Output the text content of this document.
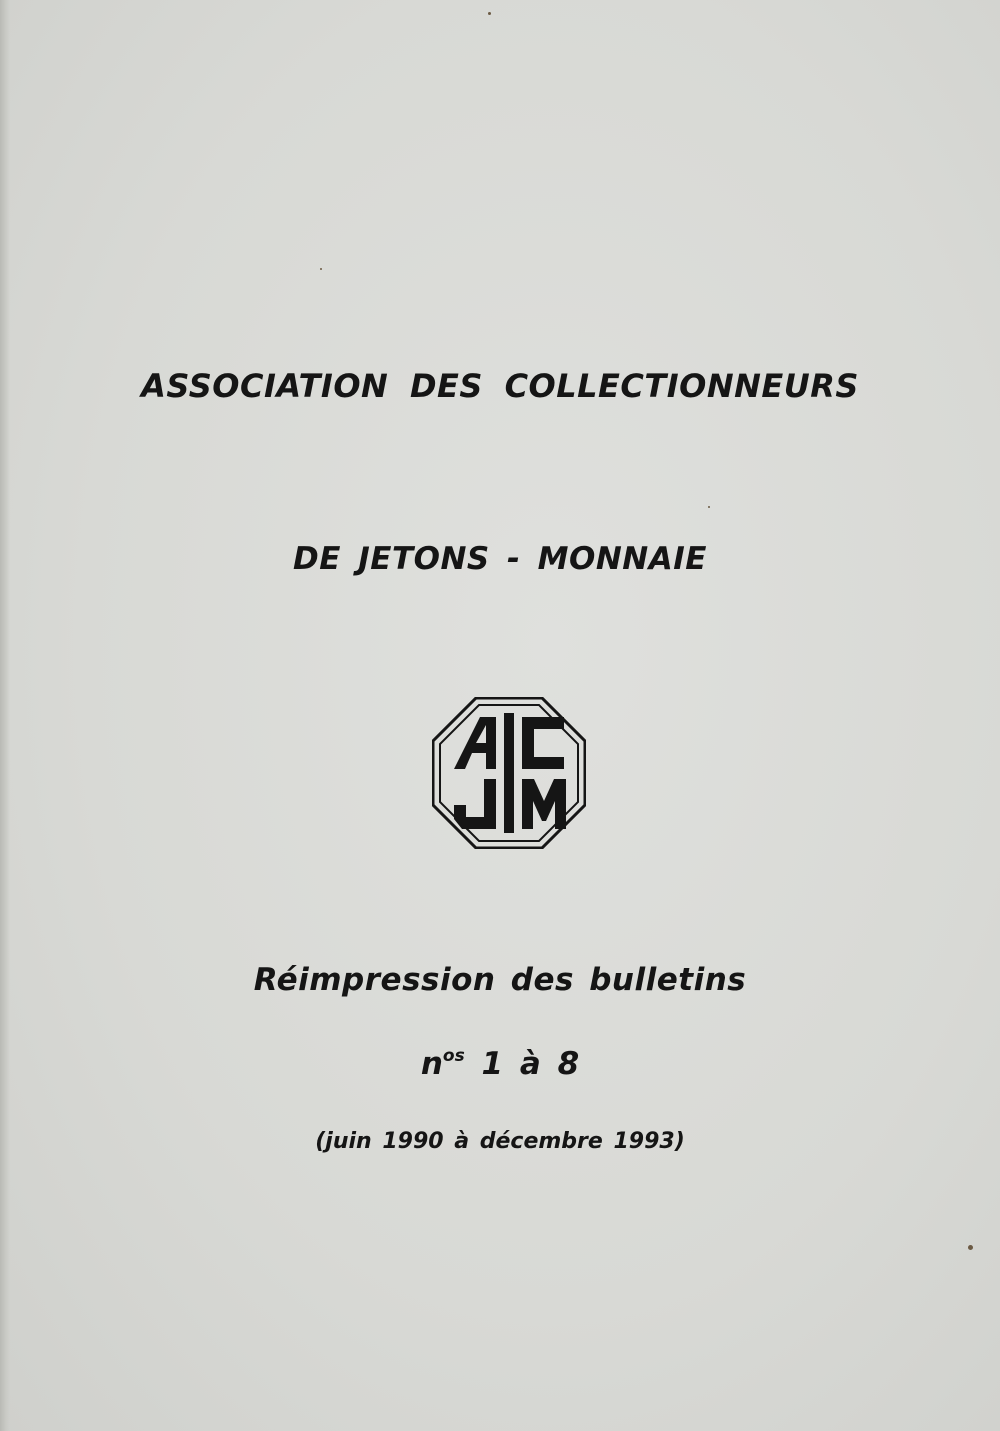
ASSOCIATION DES COLLECTIONNEURS
DE JETONS - MONNAIE
Réimpression des bulletins
$n^{os}$ 1 à 8
(juin 1990 à décembre 1993)
